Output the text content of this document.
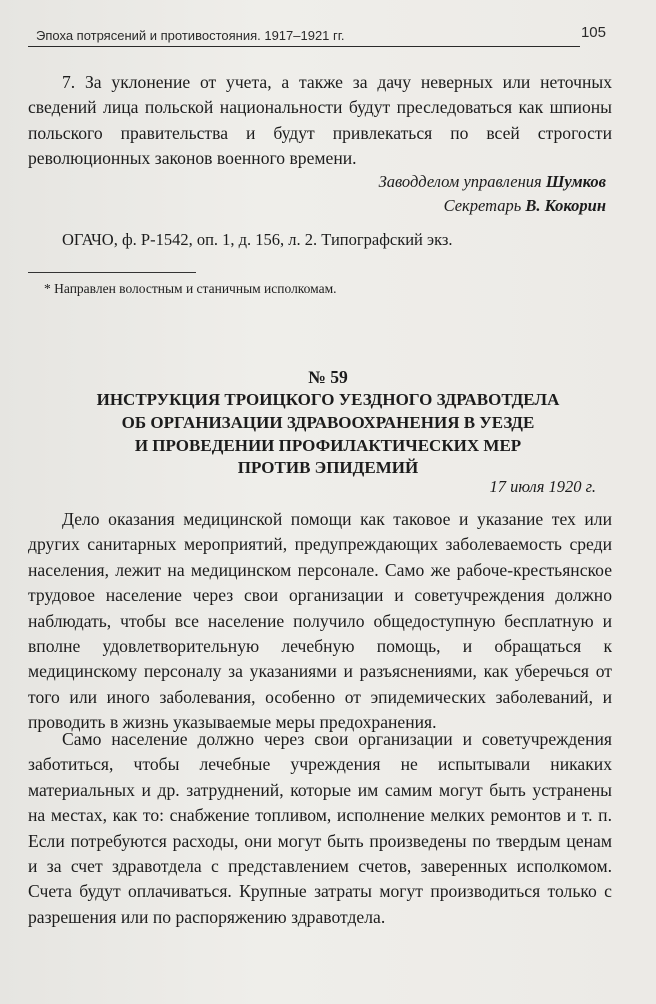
Эпоха потрясений и противостояния. 1917–1921 гг.	105

7. За уклонение от учета, а также за дачу неверных или неточных сведений лица польской национальности будут преследоваться как шпионы польского правительства и будут привлекаться по всей строгости революционных законов военного времени.

Заводделом управления Шумков
Секретарь В. Кокорин
ОГАЧО, ф. Р-1542, оп. 1, д. 156, л. 2. Типографский экз.
* Направлен волостным и станичным исполкомам.
№ 59
ИНСТРУКЦИЯ ТРОИЦКОГО УЕЗДНОГО ЗДРАВОТДЕЛА
ОБ ОРГАНИЗАЦИИ ЗДРАВООХРАНЕНИЯ В УЕЗДЕ
И ПРОВЕДЕНИИ ПРОФИЛАКТИЧЕСКИХ МЕР
ПРОТИВ ЭПИДЕМИЙ
17 июля 1920 г.

Дело оказания медицинской помощи как таковое и указание тех или других санитарных мероприятий, предупреждающих заболеваемость среди населения, лежит на медицинском персонале. Само же рабоче-крестьянское трудовое население через свои организации и советучреждения должно наблюдать, чтобы все население получило общедоступную бесплатную и вполне удовлетворительную лечебную помощь, и обращаться к медицинскому персоналу за указаниями и разъяснениями, как уберечься от того или иного заболевания, особенно от эпидемических заболеваний, и проводить в жизнь указываемые меры предохранения.

Само население должно через свои организации и советучреждения заботиться, чтобы лечебные учреждения не испытывали никаких материальных и др. затруднений, которые им самим могут быть устранены на местах, как то: снабжение топливом, исполнение мелких ремонтов и т. п. Если потребуются расходы, они могут быть произведены по твердым ценам и за счет здравотдела с представлением счетов, заверенных исполкомом. Счета будут оплачиваться. Крупные затраты могут производиться только с разрешения или по распоряжению здравотдела.
